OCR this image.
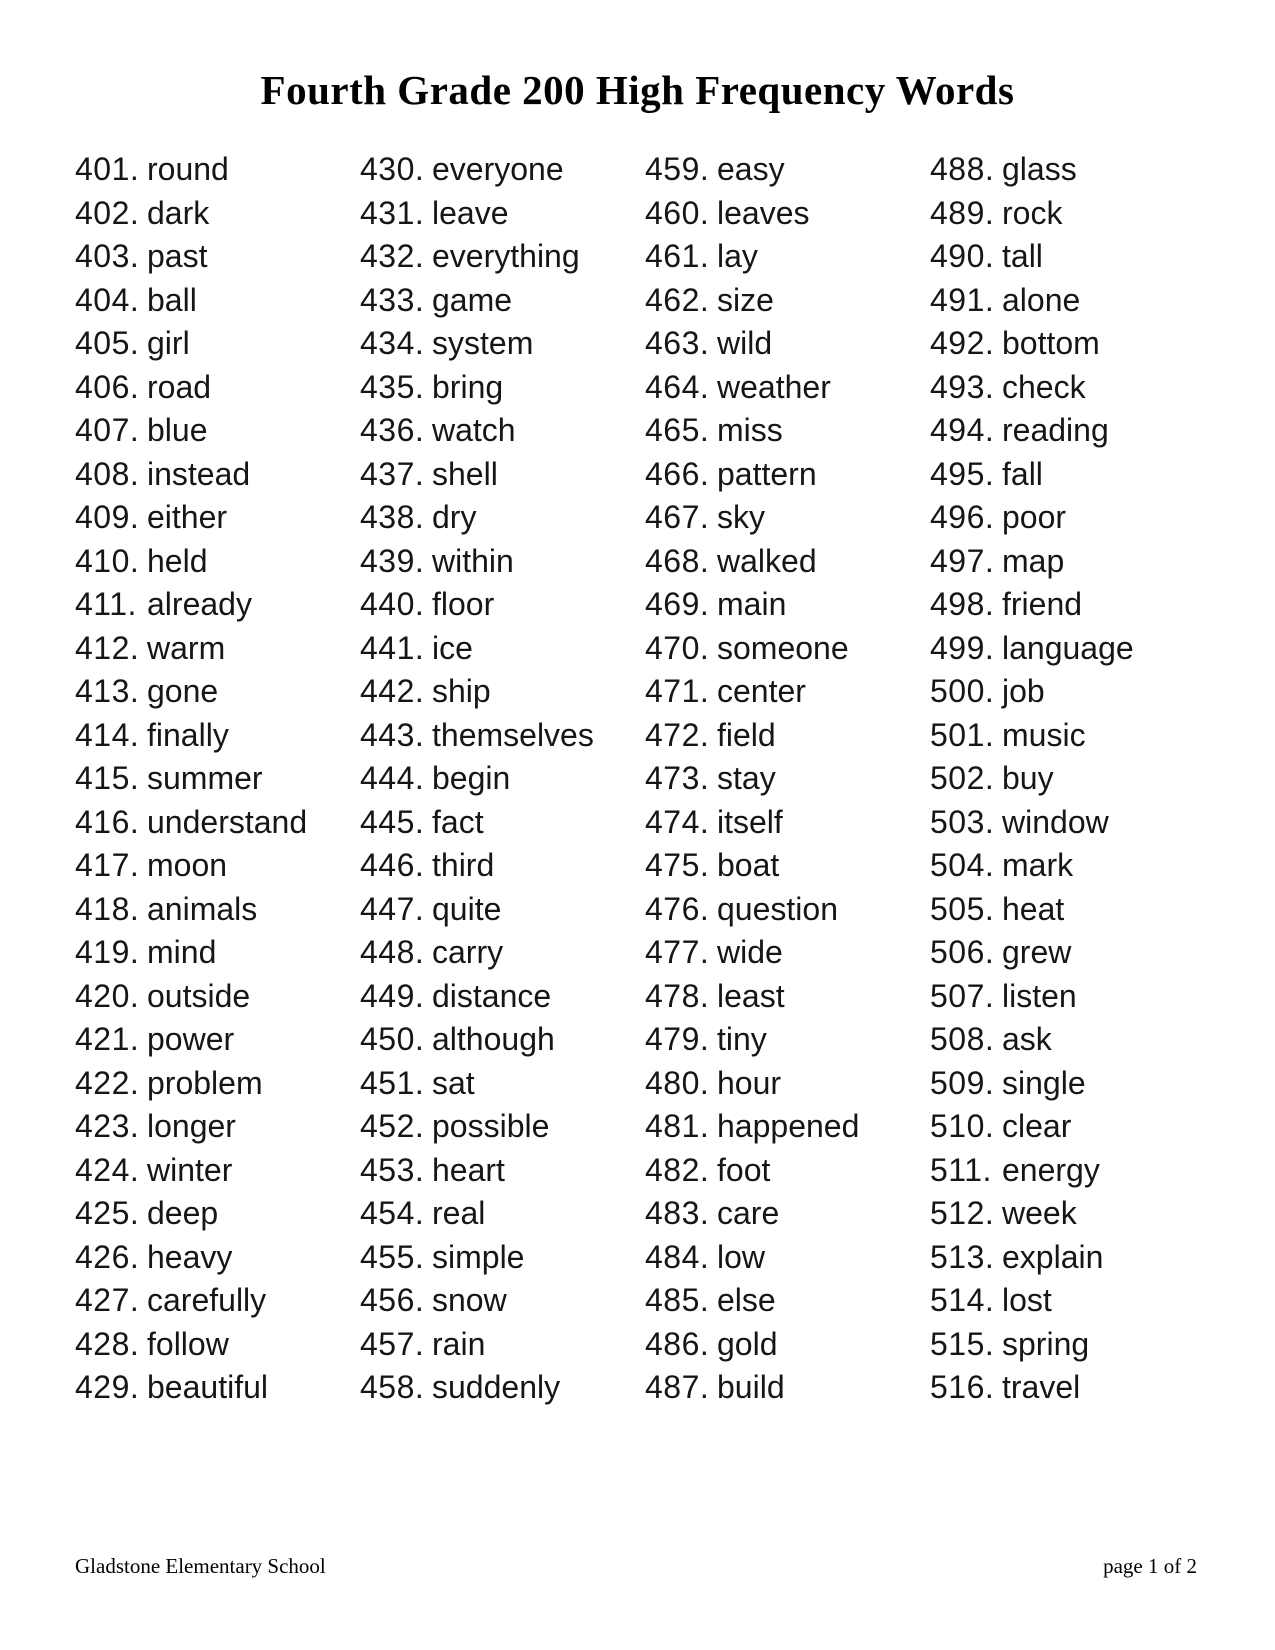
Fourth Grade 200 High Frequency Words
401. round
402. dark
403. past
404. ball
405. girl
406. road
407. blue
408. instead
409. either
410. held
411. already
412. warm
413. gone
414. finally
415. summer
416. understand
417. moon
418. animals
419. mind
420. outside
421. power
422. problem
423. longer
424. winter
425. deep
426. heavy
427. carefully
428. follow
429. beautiful
430. everyone
431. leave
432. everything
433. game
434. system
435. bring
436. watch
437. shell
438. dry
439. within
440. floor
441. ice
442. ship
443. themselves
444. begin
445. fact
446. third
447. quite
448. carry
449. distance
450. although
451. sat
452. possible
453. heart
454. real
455. simple
456. snow
457. rain
458. suddenly
459. easy
460. leaves
461. lay
462. size
463. wild
464. weather
465. miss
466. pattern
467. sky
468. walked
469. main
470. someone
471. center
472. field
473. stay
474. itself
475. boat
476. question
477. wide
478. least
479. tiny
480. hour
481. happened
482. foot
483. care
484. low
485. else
486. gold
487. build
488. glass
489. rock
490. tall
491. alone
492. bottom
493. check
494. reading
495. fall
496. poor
497. map
498. friend
499. language
500. job
501. music
502. buy
503. window
504. mark
505. heat
506. grew
507. listen
508. ask
509. single
510. clear
511. energy
512. week
513. explain
514. lost
515. spring
516. travel
Gladstone Elementary School	page 1 of 2
